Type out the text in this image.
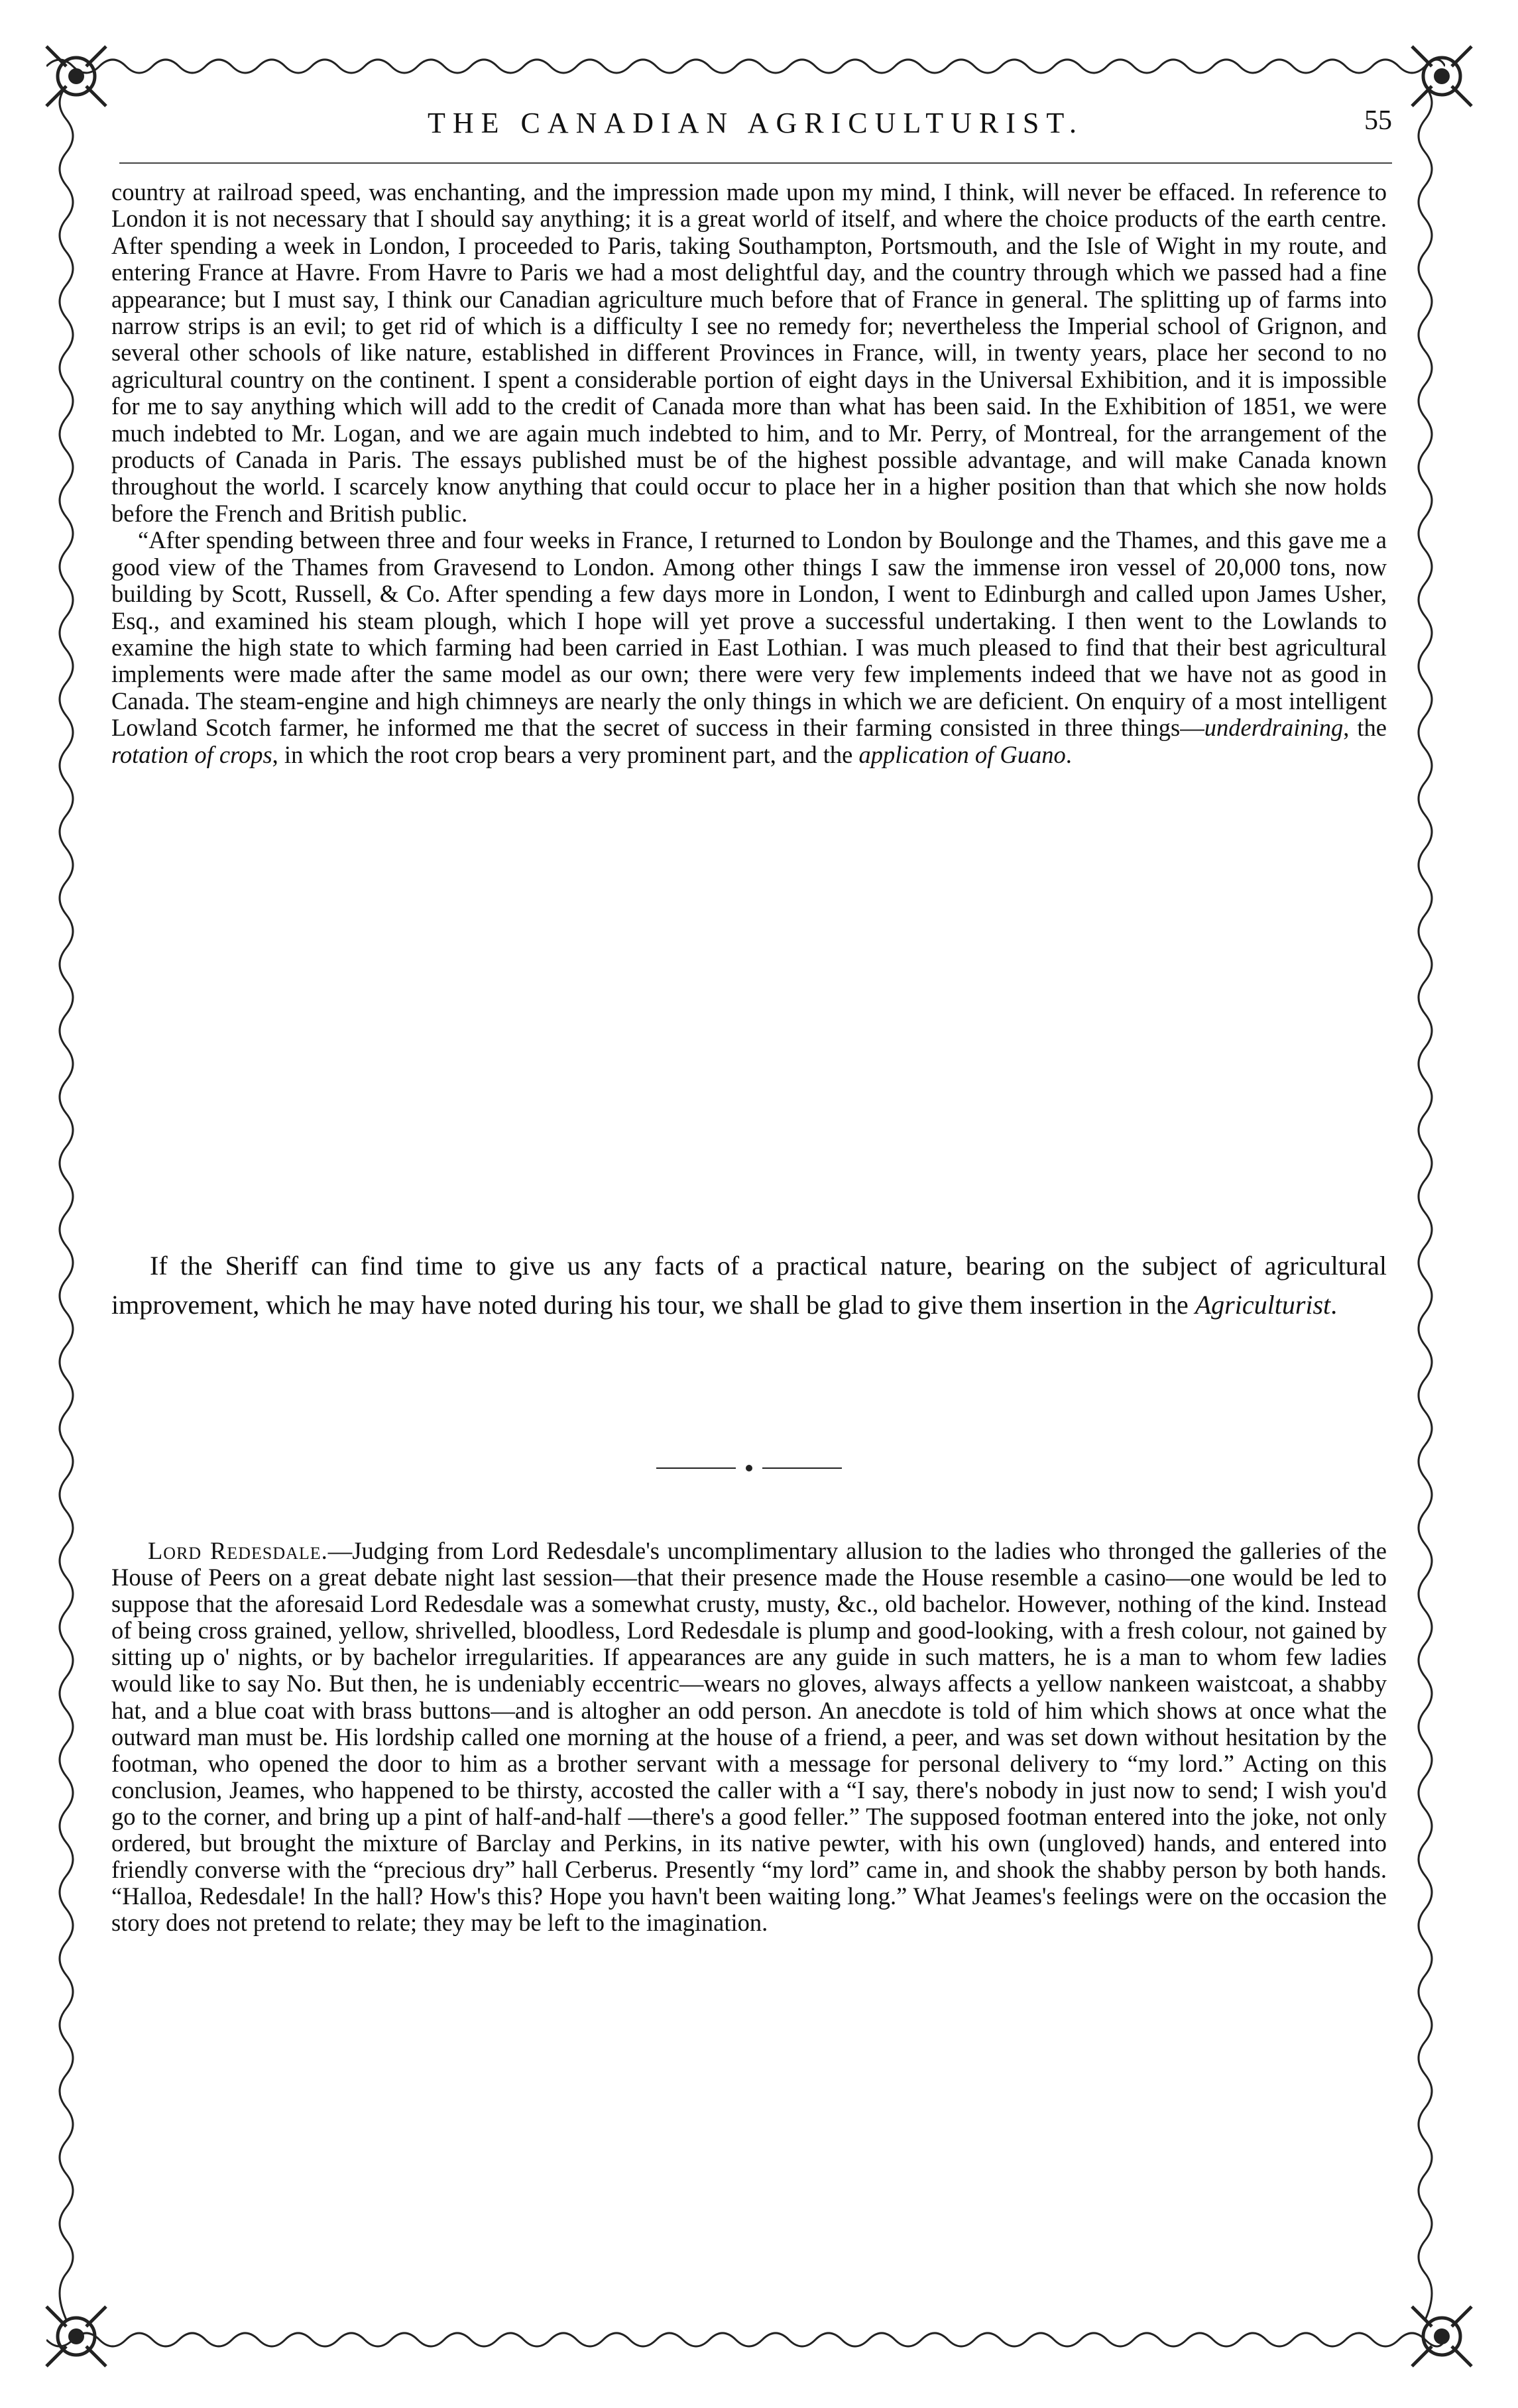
THE CANADIAN AGRICULTURIST.	55

country at railroad speed, was enchanting, and the impression made upon my mind, I think, will never be effaced. In reference to London it is not necessary that I should say anything; it is a great world of itself, and where the choice products of the earth centre. After spending a week in London, I proceeded to Paris, taking Southampton, Portsmouth, and the Isle of Wight in my route, and entering France at Havre. From Havre to Paris we had a most delightful day, and the country through which we passed had a fine appearance; but I must say, I think our Canadian agriculture much before that of France in general. The splitting up of farms into narrow strips is an evil; to get rid of which is a difficulty I see no remedy for; nevertheless the Imperial school of Grignon, and several other schools of like nature, established in different Provinces in France, will, in twenty years, place her second to no agricultural country on the continent. I spent a considerable portion of eight days in the Universal Exhibition, and it is impossible for me to say anything which will add to the credit of Canada more than what has been said. In the Exhibition of 1851, we were much indebted to Mr. Logan, and we are again much indebted to him, and to Mr. Perry, of Montreal, for the arrangement of the products of Canada in Paris. The essays published must be of the highest possible advantage, and will make Canada known throughout the world. I scarcely know anything that could occur to place her in a higher position than that which she now holds before the French and British public.

“After spending between three and four weeks in France, I returned to London by Boulonge and the Thames, and this gave me a good view of the Thames from Gravesend to London. Among other things I saw the immense iron vessel of 20,000 tons, now building by Scott, Russell, & Co. After spending a few days more in London, I went to Edinburgh and called upon James Usher, Esq., and examined his steam plough, which I hope will yet prove a successful undertaking. I then went to the Lowlands to examine the high state to which farming had been carried in East Lothian. I was much pleased to find that their best agricultural implements were made after the same model as our own; there were very few implements indeed that we have not as good in Canada. The steam-engine and high chimneys are nearly the only things in which we are deficient. On enquiry of a most intelligent Lowland Scotch farmer, he informed me that the secret of success in their farming consisted in three things—underdraining, the rotation of crops, in which the root crop bears a very prominent part, and the application of Guano.

If the Sheriff can find time to give us any facts of a practical nature, bearing on the subject of agricultural improvement, which he may have noted during his tour, we shall be glad to give them insertion in the Agriculturist.

Lord Redesdale.—Judging from Lord Redesdale's uncomplimentary allusion to the ladies who thronged the galleries of the House of Peers on a great debate night last session—that their presence made the House resemble a casino—one would be led to suppose that the aforesaid Lord Redesdale was a somewhat crusty, musty, &c., old bachelor. However, nothing of the kind. Instead of being cross grained, yellow, shrivelled, bloodless, Lord Redesdale is plump and good-looking, with a fresh colour, not gained by sitting up o' nights, or by bachelor irregularities. If appearances are any guide in such matters, he is a man to whom few ladies would like to say No. But then, he is undeniably eccentric—wears no gloves, always affects a yellow nankeen waistcoat, a shabby hat, and a blue coat with brass buttons—and is altogher an odd person. An anecdote is told of him which shows at once what the outward man must be. His lordship called one morning at the house of a friend, a peer, and was set down without hesitation by the footman, who opened the door to him as a brother servant with a message for personal delivery to “my lord.” Acting on this conclusion, Jeames, who happened to be thirsty, accosted the caller with a “I say, there's nobody in just now to send; I wish you'd go to the corner, and bring up a pint of half-and-half —there's a good feller.” The supposed footman entered into the joke, not only ordered, but brought the mixture of Barclay and Perkins, in its native pewter, with his own (ungloved) hands, and entered into friendly converse with the “precious dry” hall Cerberus. Presently “my lord” came in, and shook the shabby person by both hands. “Halloa, Redesdale! In the hall? How's this? Hope you havn't been waiting long.” What Jeames's feelings were on the occasion the story does not pretend to relate; they may be left to the imagination.
